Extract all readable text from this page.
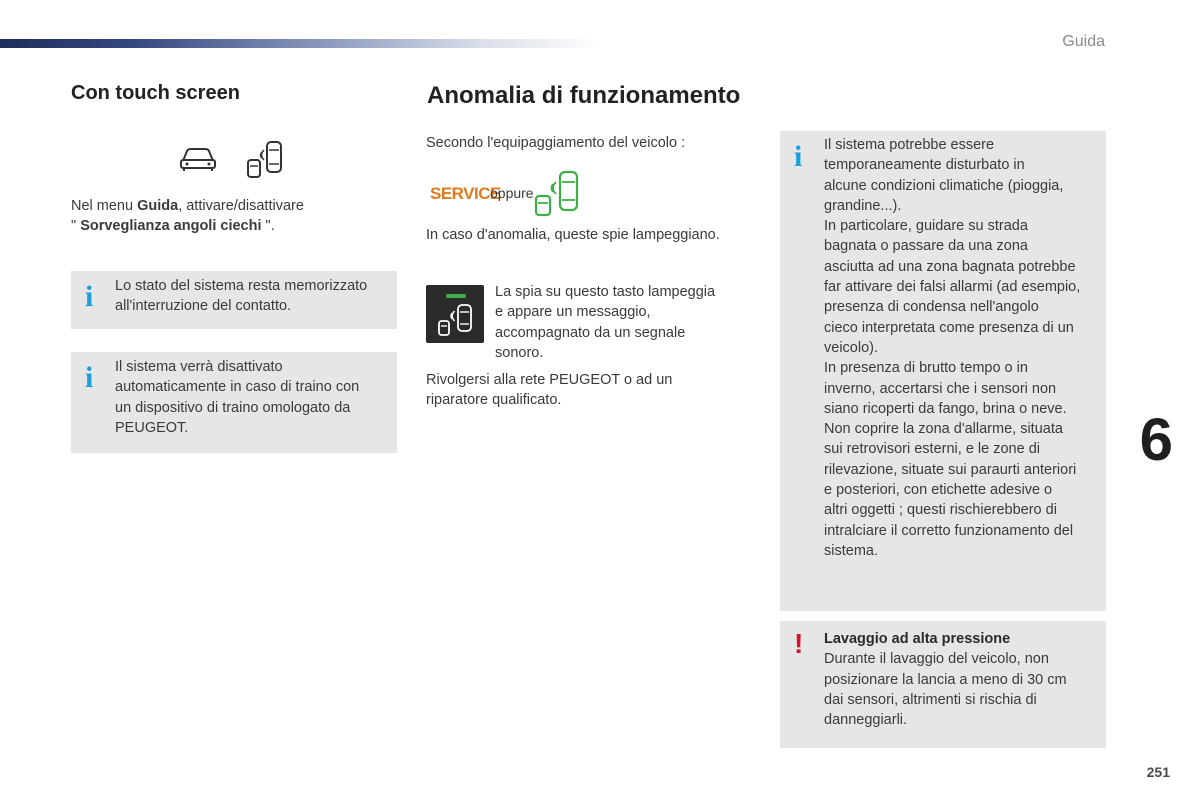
Guida
6
251
Con touch screen
Nel menu Guida, attivare/disattivare
" Sorveglianza angoli ciechi ".
i Lo stato del sistema resta memorizzato
all'interruzione del contatto.
i Il sistema verrà disattivato
automaticamente in caso di traino con
un dispositivo di traino omologato da
PEUGEOT.
Anomalia di funzionamento
Secondo l'equipaggiamento del veicolo :
SERVICE
oppure
In caso d'anomalia, queste spie lampeggiano.
La spia su questo tasto lampeggia
e appare un messaggio,
accompagnato da un segnale
sonoro.
Rivolgersi alla rete PEUGEOT o ad un
riparatore qualificato.
i Il sistema potrebbe essere
temporaneamente disturbato in
alcune condizioni climatiche (pioggia,
grandine...).
In particolare, guidare su strada
bagnata o passare da una zona
asciutta ad una zona bagnata potrebbe
far attivare dei falsi allarmi (ad esempio,
presenza di condensa nell'angolo
cieco interpretata come presenza di un
veicolo).
In presenza di brutto tempo o in
inverno, accertarsi che i sensori non
siano ricoperti da fango, brina o neve.
Non coprire la zona d'allarme, situata
sui retrovisori esterni, e le zone di
rilevazione, situate sui paraurti anteriori
e posteriori, con etichette adesive o
altri oggetti ; questi rischierebbero di
intralciare il corretto funzionamento del
sistema.
! Lavaggio ad alta pressione
Durante il lavaggio del veicolo, non
posizionare la lancia a meno di 30 cm
dai sensori, altrimenti si rischia di
danneggiarli.
